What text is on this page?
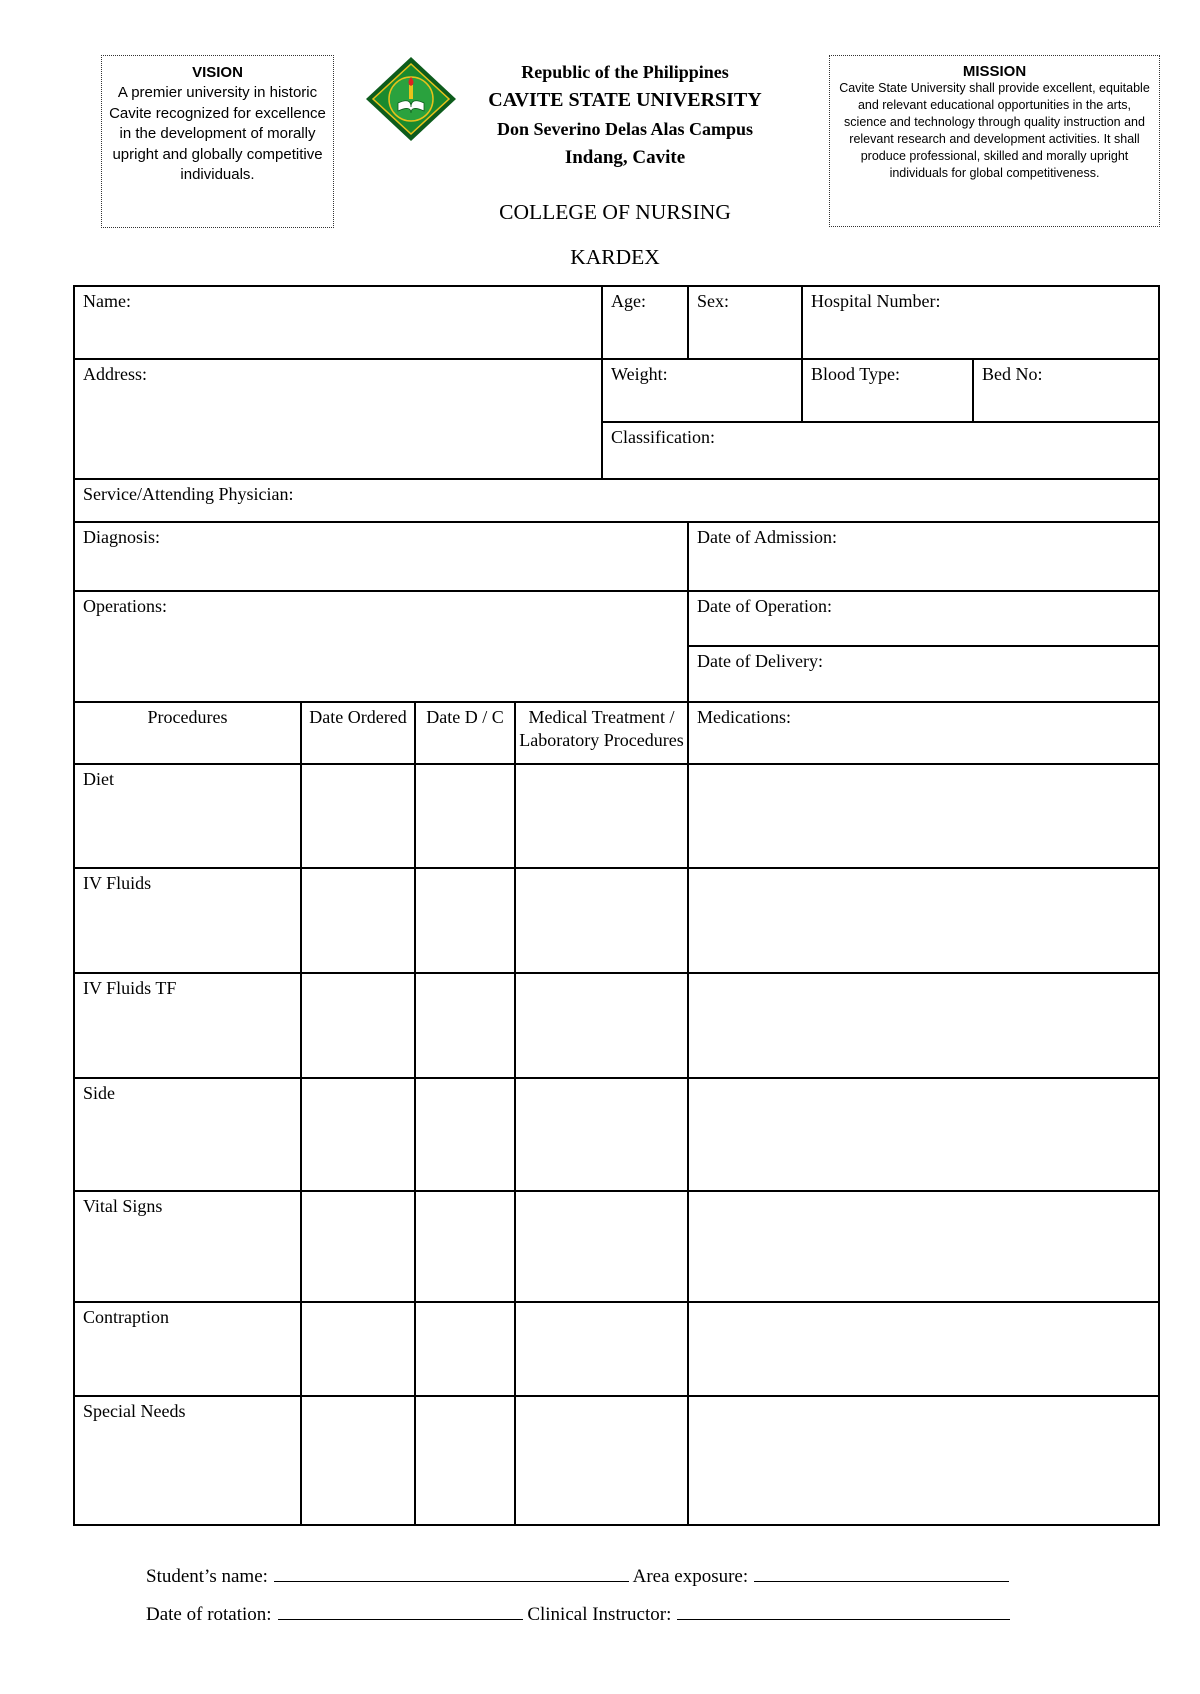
VISION
A premier university in historic Cavite recognized for excellence in the development of morally upright and globally competitive individuals.
Republic of the Philippines
CAVITE STATE UNIVERSITY
Don Severino Delas Alas Campus
Indang, Cavite
COLLEGE OF NURSING
KARDEX
MISSION
Cavite State University shall provide excellent, equitable and relevant educational opportunities in the arts, science and technology through quality instruction and relevant research and development activities. It shall produce professional, skilled and morally upright individuals for global competitiveness.
Name:				Age:	Sex:	Hospital Number:	
Address:				Weight:		Blood Type:	Bed No:
				Classification:			
Service/Attending Physician:							
Diagnosis:					Date of Admission:		
Operations:					Date of Operation:		
					Date of Delivery:		
Procedures	Date Ordered	Date D / C	Medical Treatment / Laboratory Procedures		Medications:		
Diet							
IV Fluids							
IV Fluids TF							
Side							
Vital Signs							
Contraption							
Special Needs							
Student’s name:	Area exposure:
Date of rotation:	Clinical Instructor:
